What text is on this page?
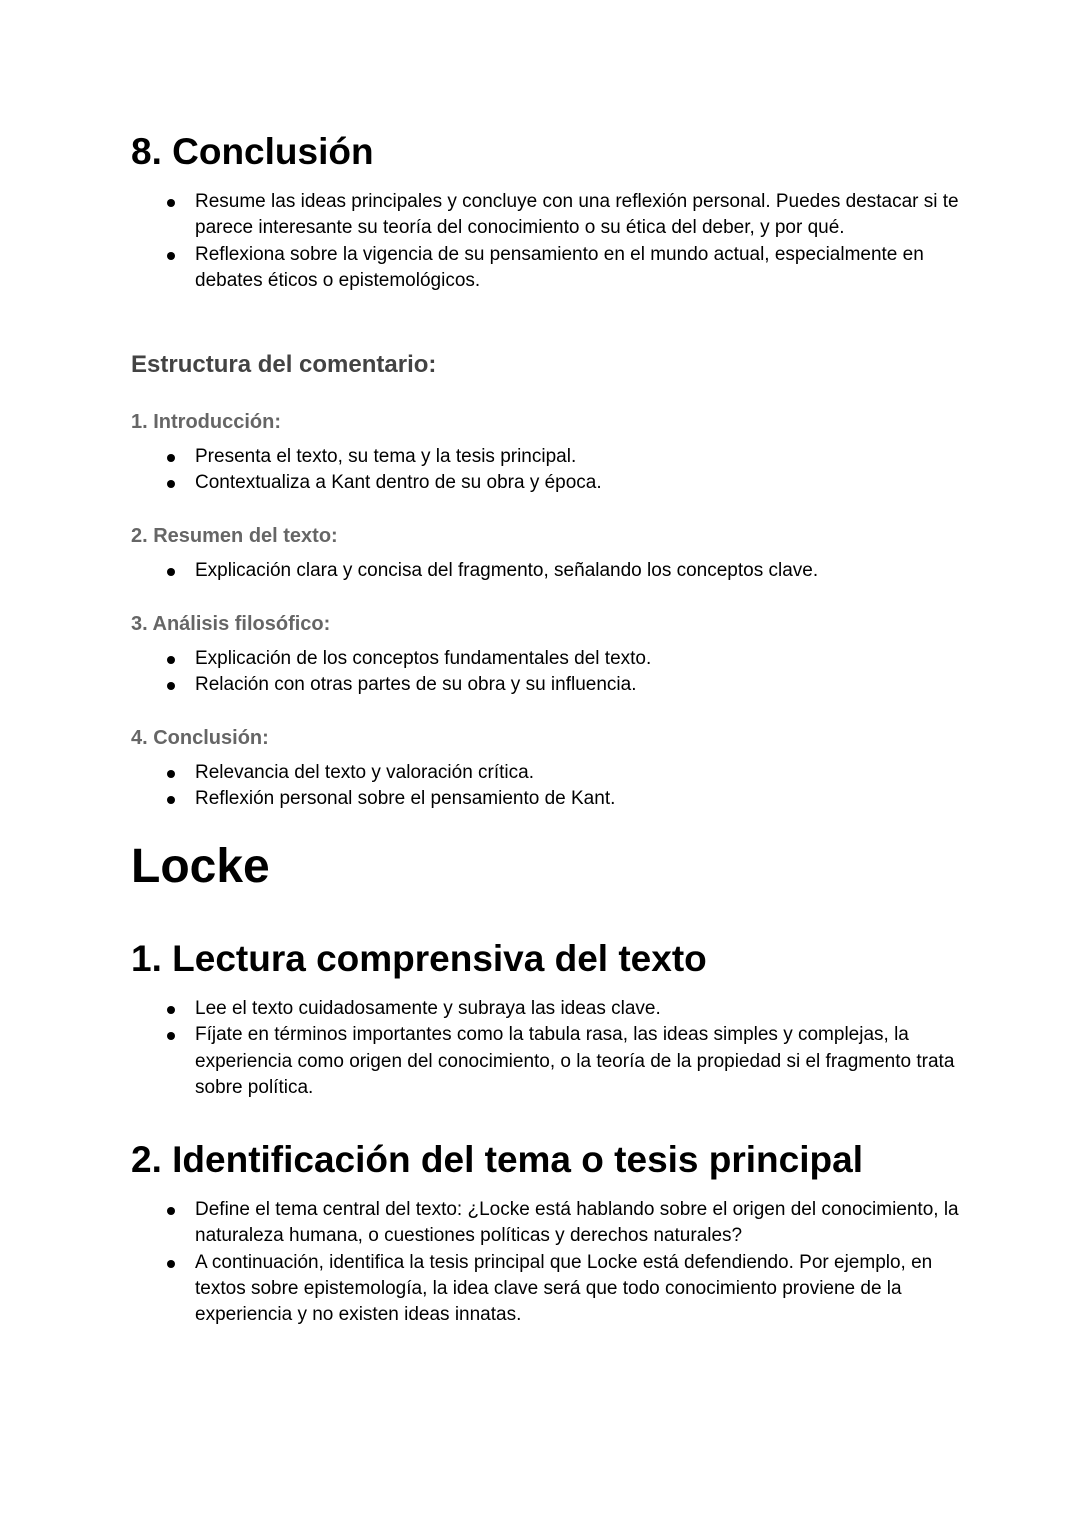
8. Conclusión
Resume las ideas principales y concluye con una reflexión personal. Puedes destacar si te parece interesante su teoría del conocimiento o su ética del deber, y por qué.
Reflexiona sobre la vigencia de su pensamiento en el mundo actual, especialmente en debates éticos o epistemológicos.
Estructura del comentario:
1. Introducción:
Presenta el texto, su tema y la tesis principal.
Contextualiza a Kant dentro de su obra y época.
2. Resumen del texto:
Explicación clara y concisa del fragmento, señalando los conceptos clave.
3. Análisis filosófico:
Explicación de los conceptos fundamentales del texto.
Relación con otras partes de su obra y su influencia.
4. Conclusión:
Relevancia del texto y valoración crítica.
Reflexión personal sobre el pensamiento de Kant.
Locke
1. Lectura comprensiva del texto
Lee el texto cuidadosamente y subraya las ideas clave.
Fíjate en términos importantes como la tabula rasa, las ideas simples y complejas, la experiencia como origen del conocimiento, o la teoría de la propiedad si el fragmento trata sobre política.
2. Identificación del tema o tesis principal
Define el tema central del texto: ¿Locke está hablando sobre el origen del conocimiento, la naturaleza humana, o cuestiones políticas y derechos naturales?
A continuación, identifica la tesis principal que Locke está defendiendo. Por ejemplo, en textos sobre epistemología, la idea clave será que todo conocimiento proviene de la experiencia y no existen ideas innatas.
